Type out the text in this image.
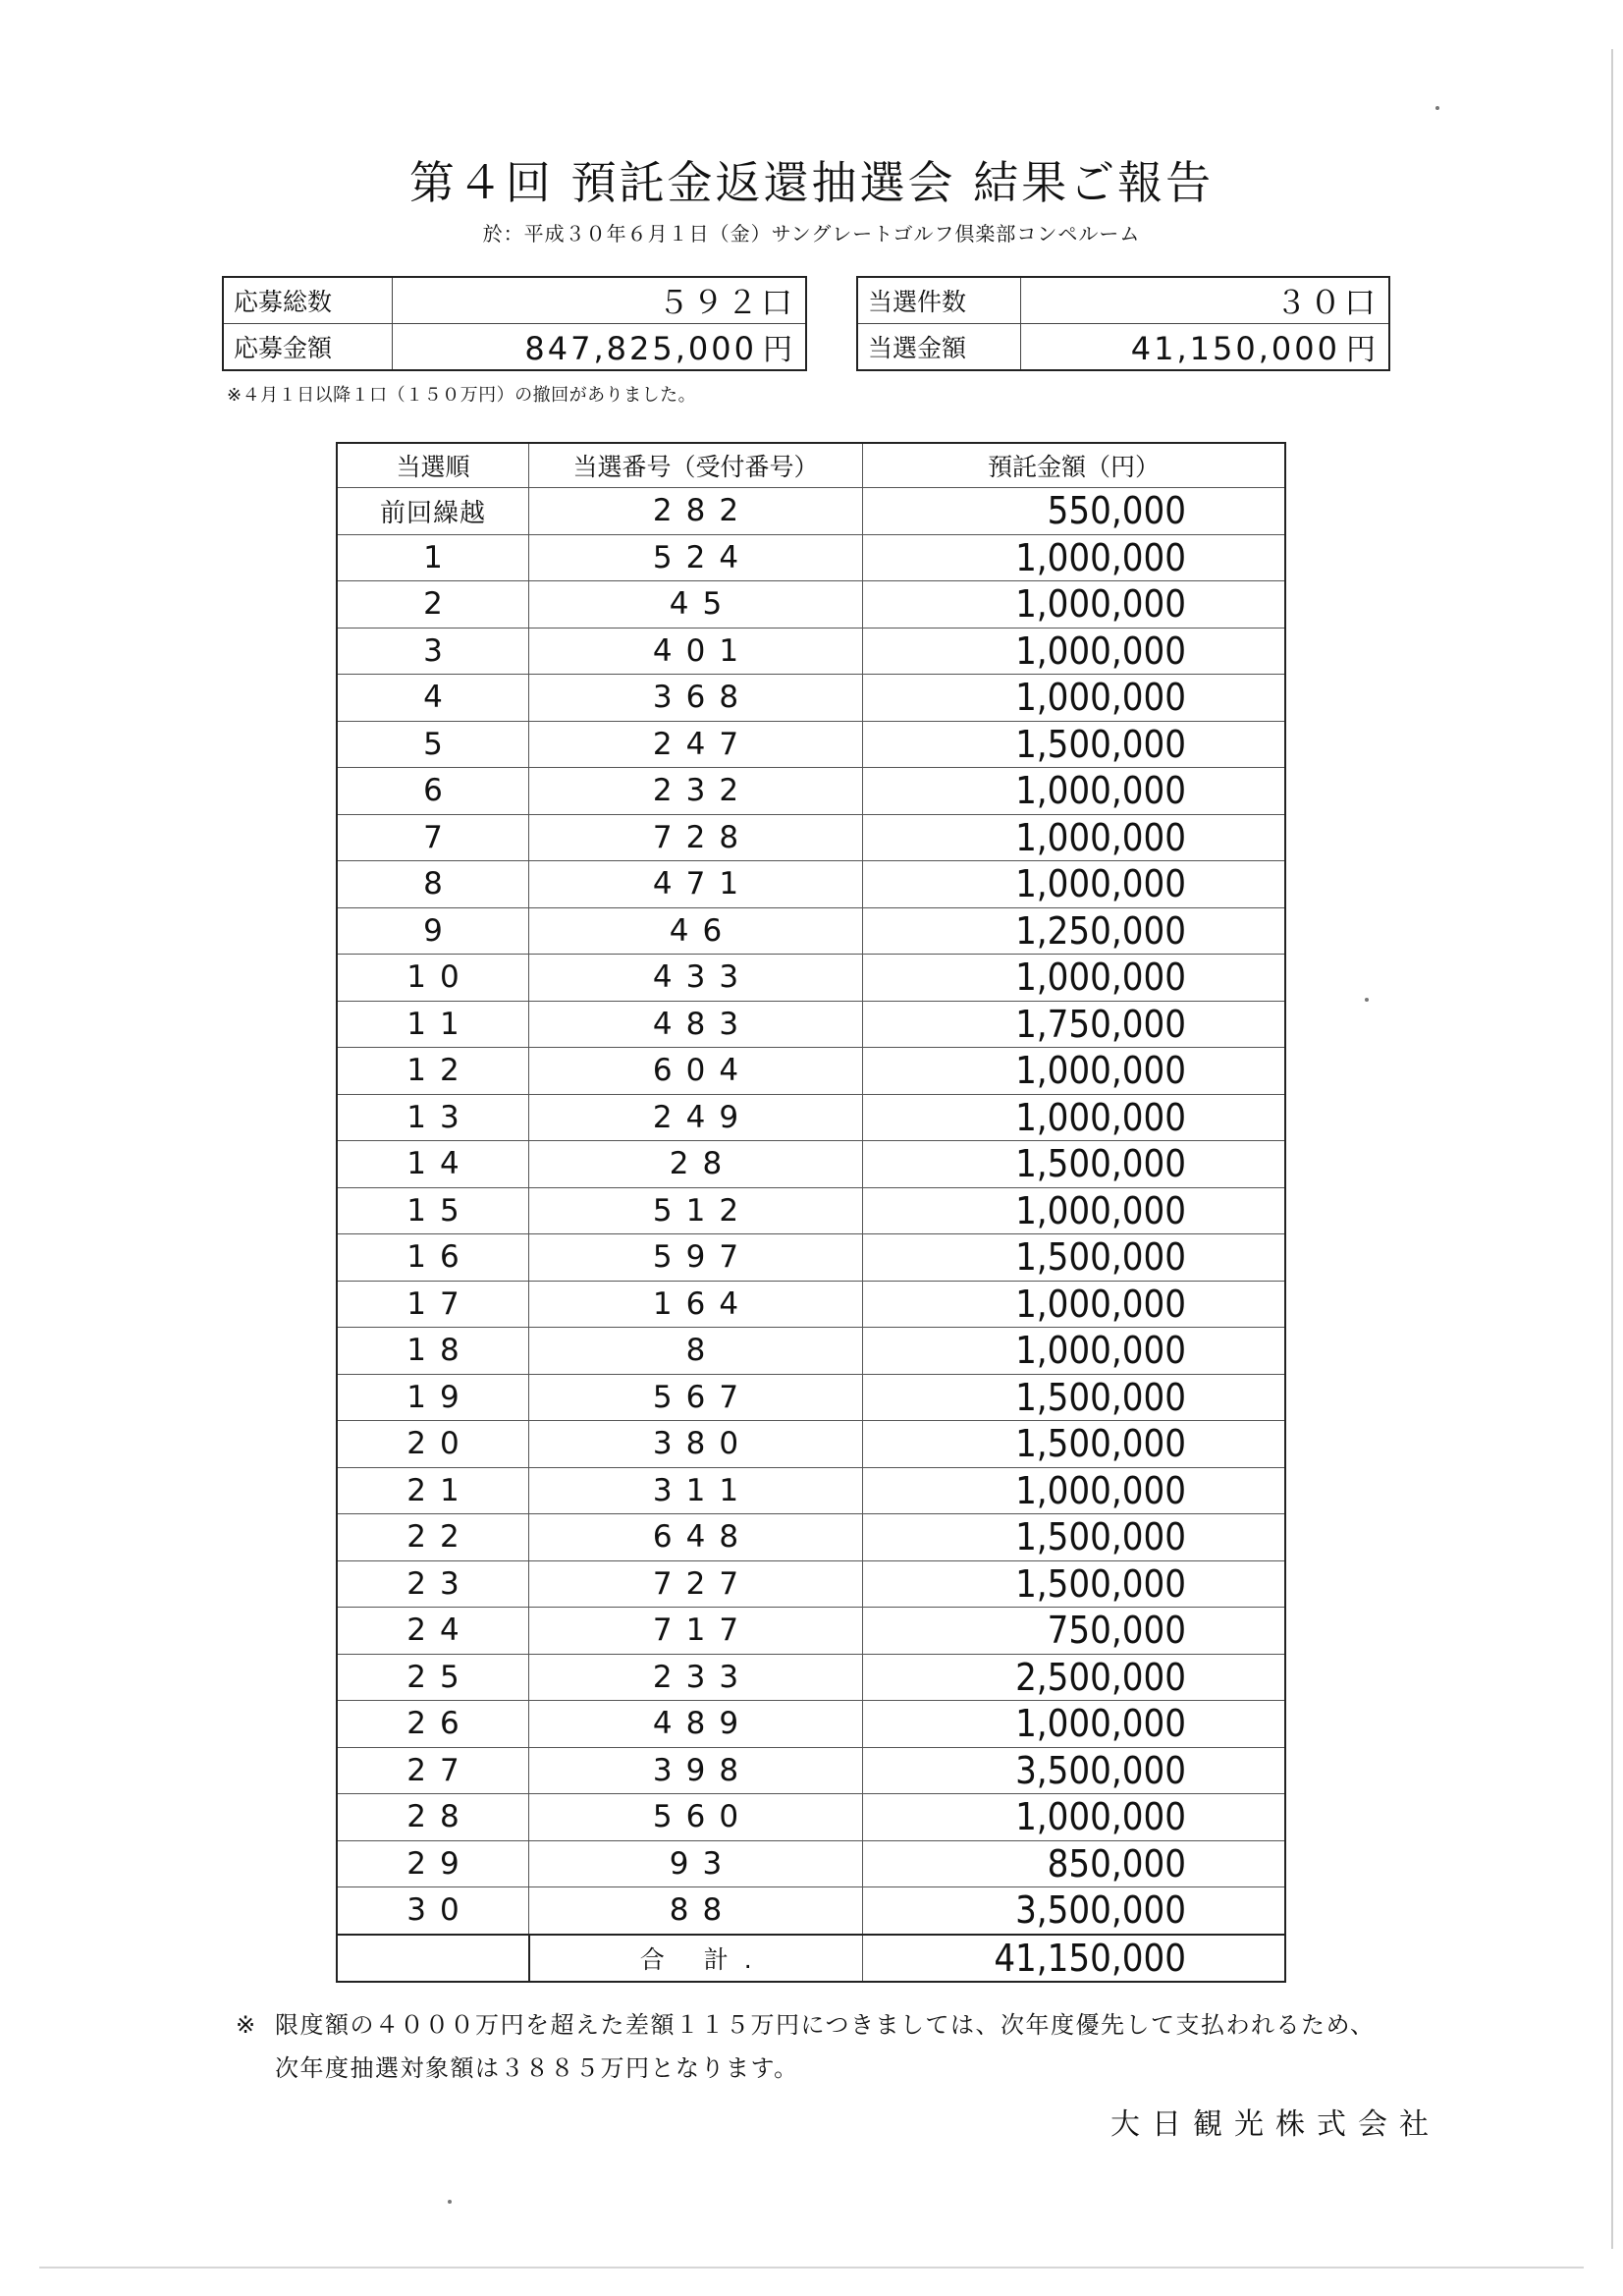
第４回 預託金返還抽選会 結果ご報告
於：平成３０年６月１日（金）サングレートゴルフ倶楽部コンペルーム
応募総数	５９２口
応募金額	847,825,000 円
当選件数	３０口
当選金額	41,150,000 円
※４月１日以降１口（１５０万円）の撤回がありました。
当選順	当選番号（受付番号）	預託金額（円）
前回繰越	282	550,000
1	524	1,000,000
2	45	1,000,000
3	401	1,000,000
4	368	1,000,000
5	247	1,500,000
6	232	1,000,000
7	728	1,000,000
8	471	1,000,000
9	46	1,250,000
10	433	1,000,000
11	483	1,750,000
12	604	1,000,000
13	249	1,000,000
14	28	1,500,000
15	512	1,000,000
16	597	1,500,000
17	164	1,000,000
18	8	1,000,000
19	567	1,500,000
20	380	1,500,000
21	311	1,000,000
22	648	1,500,000
23	727	1,500,000
24	717	750,000
25	233	2,500,000
26	489	1,000,000
27	398	3,500,000
28	560	1,000,000
29	93	850,000
30	88	3,500,000
	合 計.	41,150,000
※ 限度額の４０００万円を超えた差額１１５万円につきましては、次年度優先して支払われるため、
次年度抽選対象額は３８８５万円となります。
大日観光株式会社
